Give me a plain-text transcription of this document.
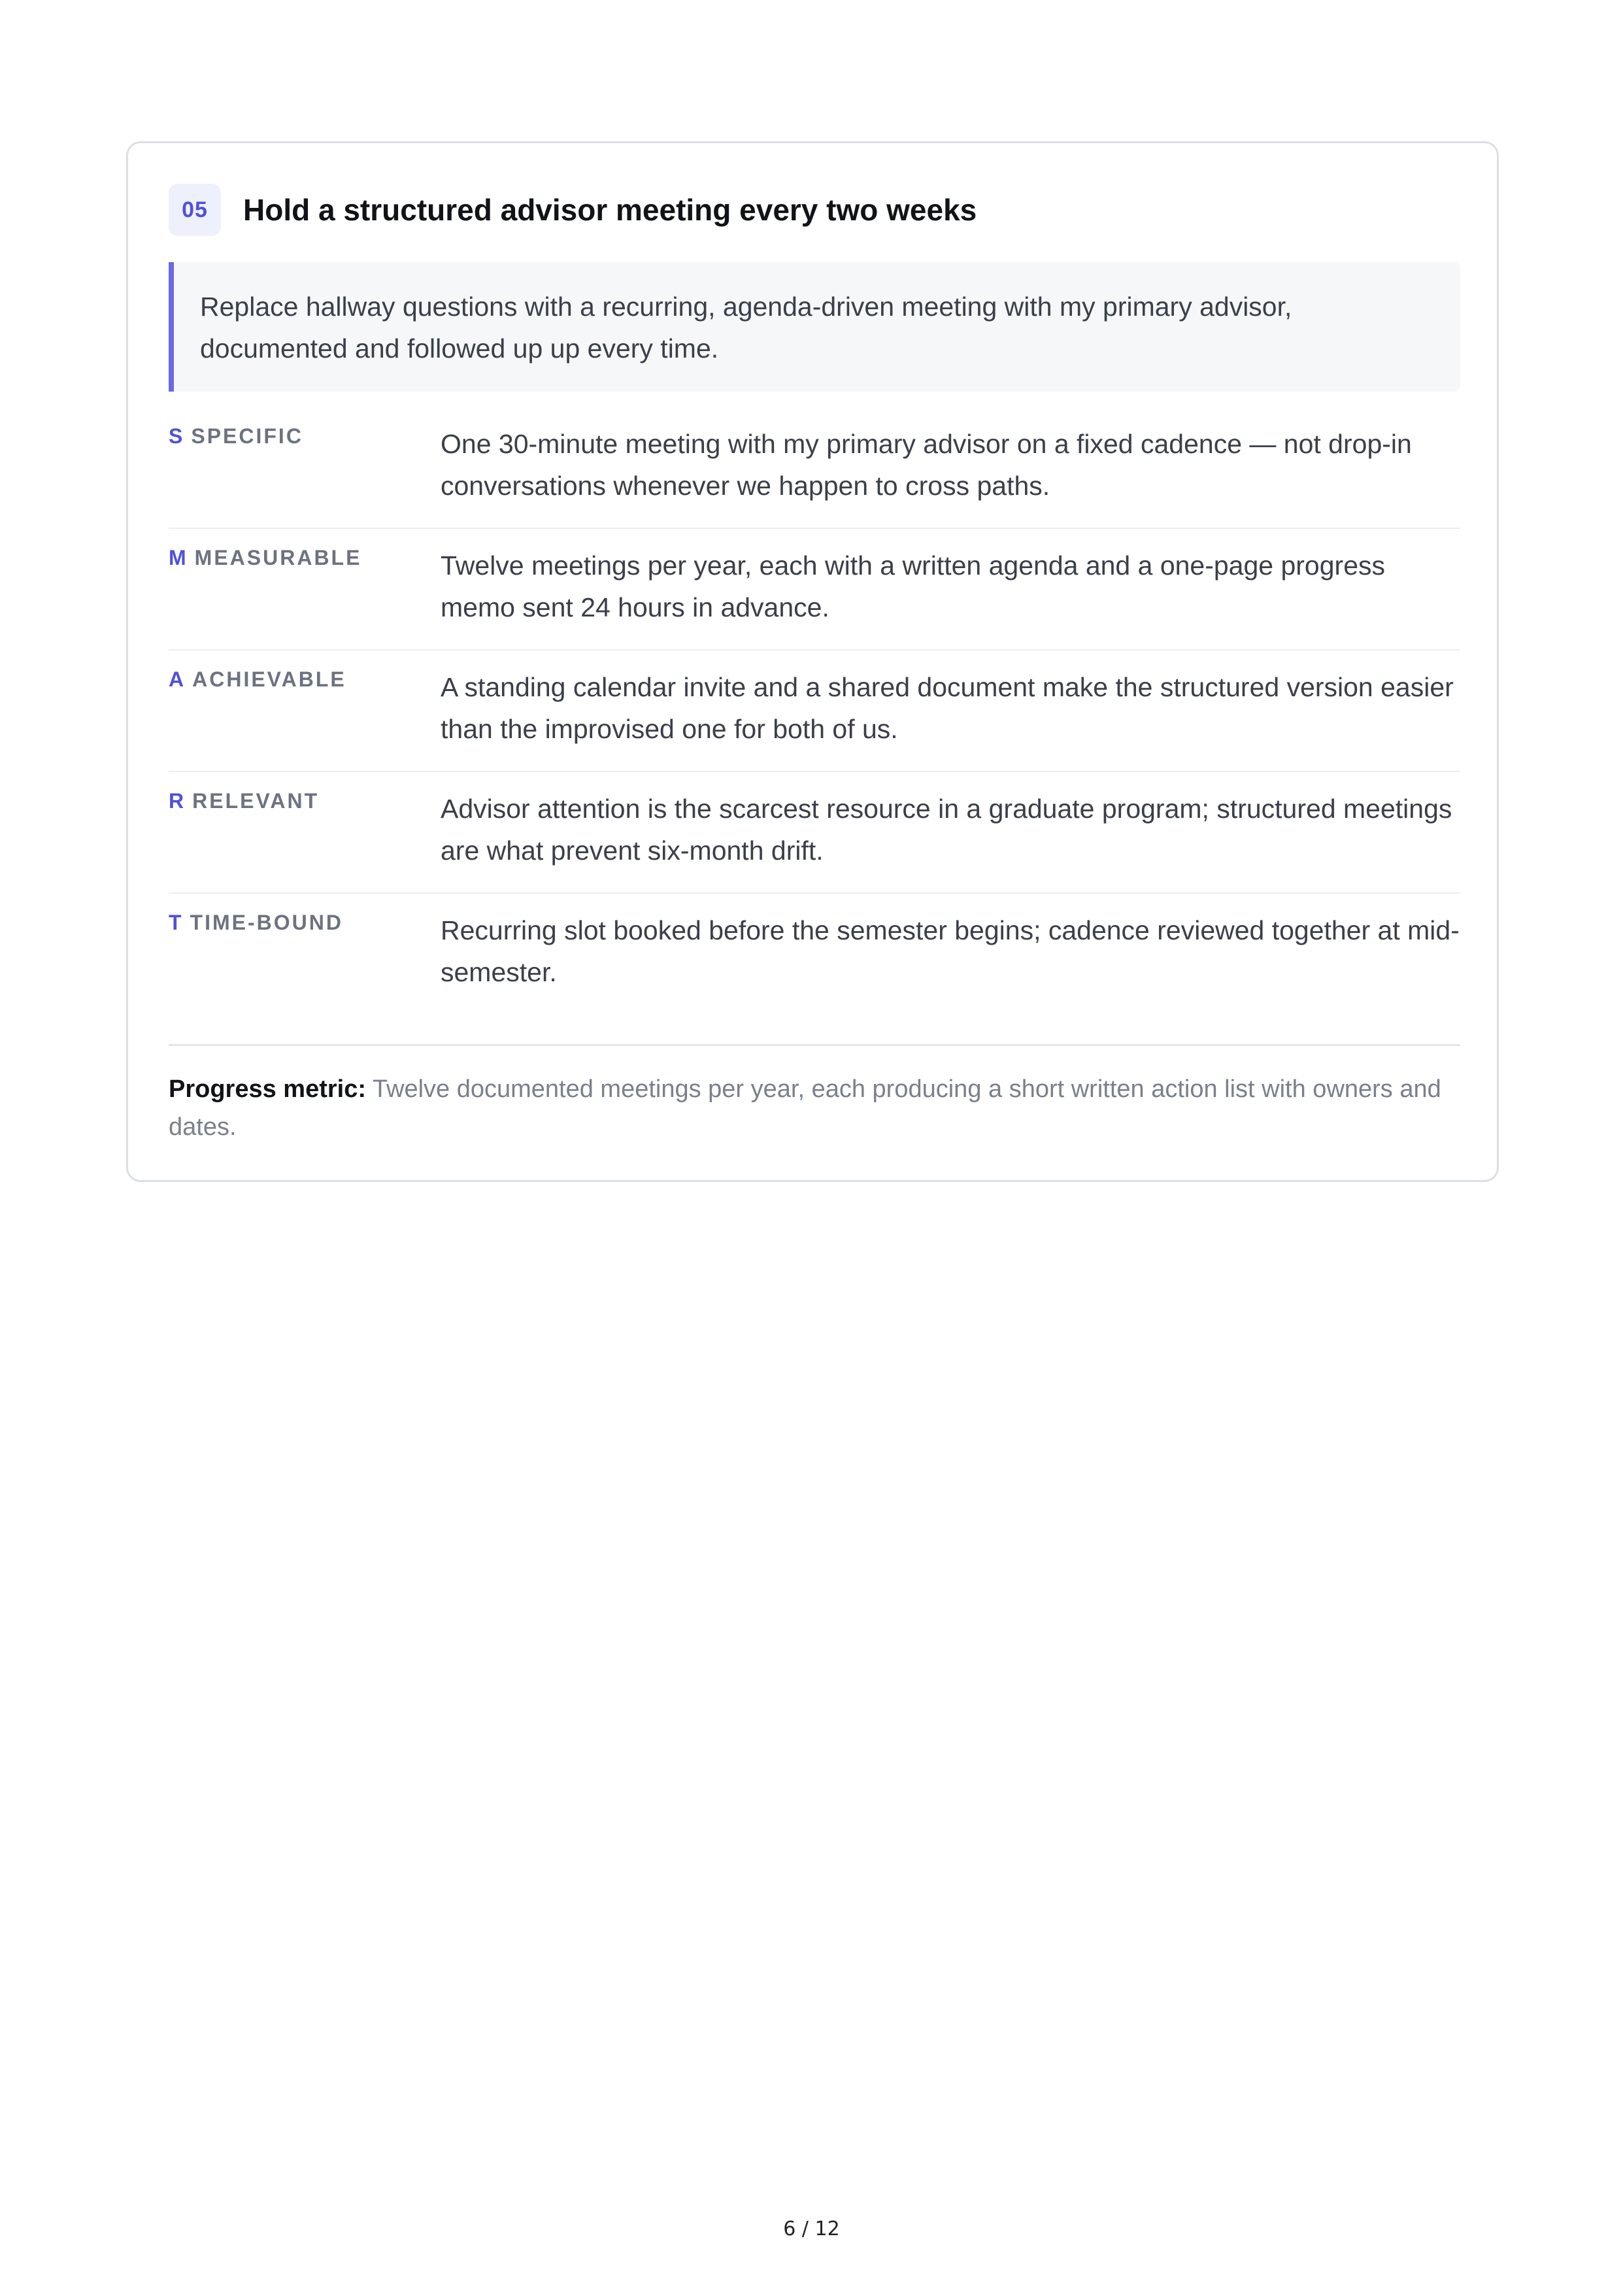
05	Hold a structured advisor meeting every two weeks
Replace hallway questions with a recurring, agenda-driven meeting with my primary advisor, documented and followed up up every time.
S SPECIFIC	One 30-minute meeting with my primary advisor on a fixed cadence — not drop-in conversations whenever we happen to cross paths.
M MEASURABLE	Twelve meetings per year, each with a written agenda and a one-page progress memo sent 24 hours in advance.
A ACHIEVABLE	A standing calendar invite and a shared document make the structured version easier than the improvised one for both of us.
R RELEVANT	Advisor attention is the scarcest resource in a graduate program; structured meetings are what prevent six-month drift.
T TIME-BOUND	Recurring slot booked before the semester begins; cadence reviewed together at mid-semester.
Progress metric: Twelve documented meetings per year, each producing a short written action list with owners and dates.
6 / 12
